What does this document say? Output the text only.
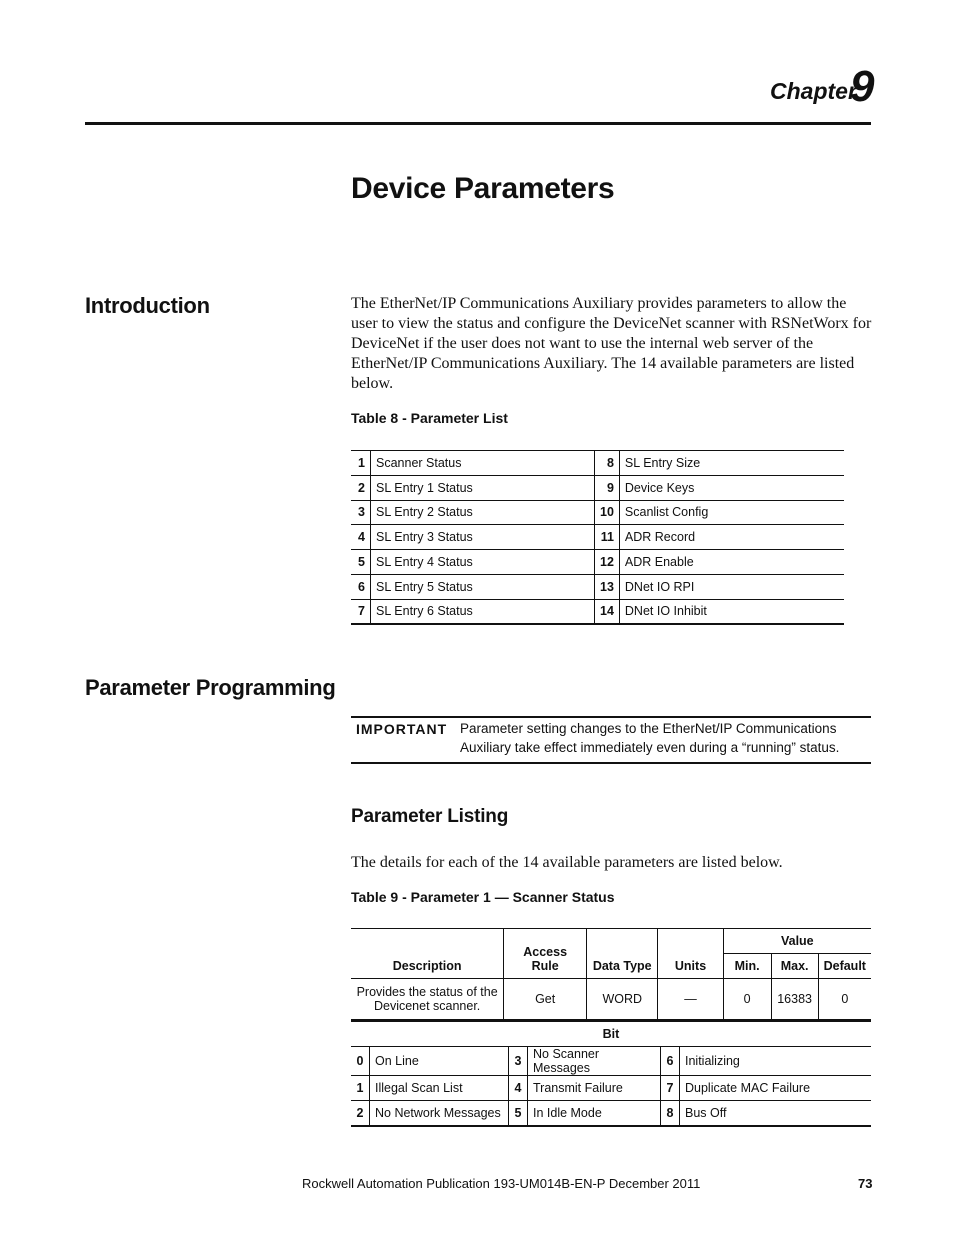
Chapter
9
Device Parameters
Introduction	The EtherNet/IP Communications Auxiliary provides parameters to allow the user to view the status and configure the DeviceNet scanner with RSNetWorx for DeviceNet if the user does not want to use the internal web server of the EtherNet/IP Communications Auxiliary. The 14 available parameters are listed below.
Table 8 - Parameter List
1	Scanner Status	8	SL Entry Size
2	SL Entry 1 Status	9	Device Keys
3	SL Entry 2 Status	10	Scanlist Config
4	SL Entry 3 Status	11	ADR Record
5	SL Entry 4 Status	12	ADR Enable
6	SL Entry 5 Status	13	DNet IO RPI
7	SL Entry 6 Status	14	DNet IO Inhibit
Parameter Programming
IMPORTANT Parameter setting changes to the EtherNet/IP Communications Auxiliary take effect immediately even during a “running” status.
Parameter Listing
The details for each of the 14 available parameters are listed below.
Table 9 - Parameter 1 — Scanner Status
Description	Access Rule	Data Type	Units	Value		
				Min.	Max.	Default
Provides the status of the Devicenet scanner.	Get	WORD	—	0	16383	0
Bit					
0	On Line	3	No Scanner Messages	6	Initializing
1	Illegal Scan List	4	Transmit Failure	7	Duplicate MAC Failure
2	No Network Messages	5	In Idle Mode	8	Bus Off
Rockwell Automation Publication 193-UM014B-EN-P December 2011	73
